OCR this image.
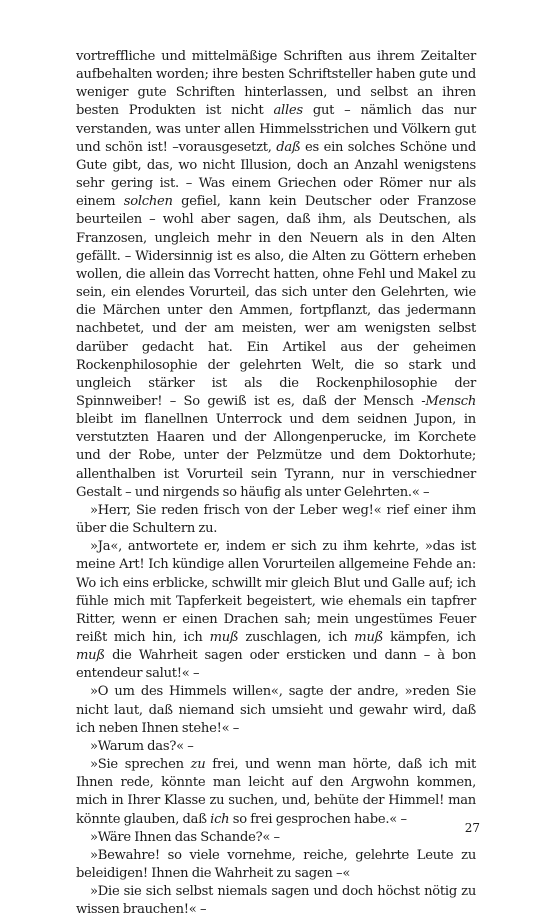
vortreffliche und mittelmäßige Schriften aus ihrem Zeitalter aufbehalten worden; ihre besten Schriftsteller haben gute und weniger gute Schriften hinterlassen, und selbst an ihren besten Produkten ist nicht alles gut – nämlich das nur verstanden, was unter allen Himmelsstrichen und Völkern gut und schön ist! –vorausgesetzt, daß es ein solches Schöne und Gute gibt, das, wo nicht Illusion, doch an Anzahl wenigstens sehr gering ist. – Was einem Griechen oder Römer nur als einem solchen gefiel, kann kein Deutscher oder Franzose beurteilen – wohl aber sagen, daß ihm, als Deutschen, als Franzosen, ungleich mehr in den Neuern als in den Alten gefällt. – Widersinnig ist es also, die Alten zu Göttern erheben wollen, die allein das Vorrecht hatten, ohne Fehl und Makel zu sein, ein elendes Vorurteil, das sich unter den Gelehrten, wie die Märchen unter den Ammen, fortpflanzt, das jedermann nachbetet, und der am meisten, wer am wenigsten selbst darüber gedacht hat. Ein Artikel aus der geheimen Rockenphilosophie der gelehrten Welt, die so stark und ungleich stärker ist als die Rockenphilosophie der Spinnweiber! – So gewiß ist es, daß der Mensch -Mensch bleibt im flanellnen Unterrock und dem seidnen Jupon, in verstutzten Haaren und der Allongenperucke, im Korchete und der Robe, unter der Pelzmütze und dem Doktorhute; allenthalben ist Vorurteil sein Tyrann, nur in verschiedner Gestalt – und nirgends so häufig als unter Gelehrten.« –

»Herr, Sie reden frisch von der Leber weg!« rief einer ihm über die Schultern zu.

»Ja«, antwortete er, indem er sich zu ihm kehrte, »das ist meine Art! Ich kündige allen Vorurteilen allgemeine Fehde an: Wo ich eins erblicke, schwillt mir gleich Blut und Galle auf; ich fühle mich mit Tapferkeit begeistert, wie ehemals ein tapfrer Ritter, wenn er einen Drachen sah; mein ungestümes Feuer reißt mich hin, ich muß zuschlagen, ich muß kämpfen, ich muß die Wahrheit sagen oder ersticken und dann – à bon entendeur salut!« –

»O um des Himmels willen«, sagte der andre, »reden Sie nicht laut, daß niemand sich umsieht und gewahr wird, daß ich neben Ihnen stehe!« –

»Warum das?« –

»Sie sprechen zu frei, und wenn man hörte, daß ich mit Ihnen rede, könnte man leicht auf den Argwohn kommen, mich in Ihrer Klasse zu suchen, und, behüte der Himmel! man könnte glauben, daß ich so frei gesprochen habe.« –

»Wäre Ihnen das Schande?« –

»Bewahre! so viele vornehme, reiche, gelehrte Leute zu beleidigen! Ihnen die Wahrheit zu sagen –«

»Die sie sich selbst niemals sagen und doch höchst nötig zu wissen brauchen!« –

27
